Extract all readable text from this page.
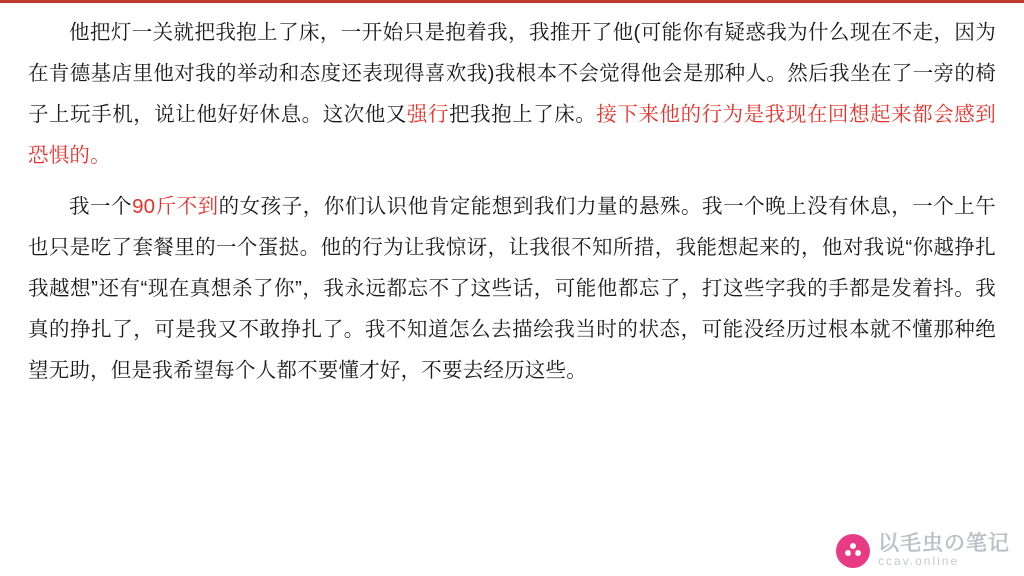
他把灯一关就把我抱上了床，一开始只是抱着我，我推开了他(可能你有疑惑我为什么现在不走，因为在肯德基店里他对我的举动和态度还表现得喜欢我)我根本不会觉得他会是那种人。然后我坐在了一旁的椅子上玩手机，说让他好好休息。这次他又强行把我抱上了床。接下来他的行为是我现在回想起来都会感到恐惧的。

我一个90斤不到的女孩子，你们认识他肯定能想到我们力量的悬殊。我一个晚上没有休息，一个上午也只是吃了套餐里的一个蛋挞。他的行为让我惊讶，让我很不知所措，我能想起来的，他对我说“你越挣扎我越想”还有“现在真想杀了你”，我永远都忘不了这些话，可能他都忘了，打这些字我的手都是发着抖。我真的挣扎了，可是我又不敢挣扎了。我不知道怎么去描绘我当时的状态，可能没经历过根本就不懂那种绝望无助，但是我希望每个人都不要懂才好，不要去经历这些。

以毛虫の笔记
ccav.online
